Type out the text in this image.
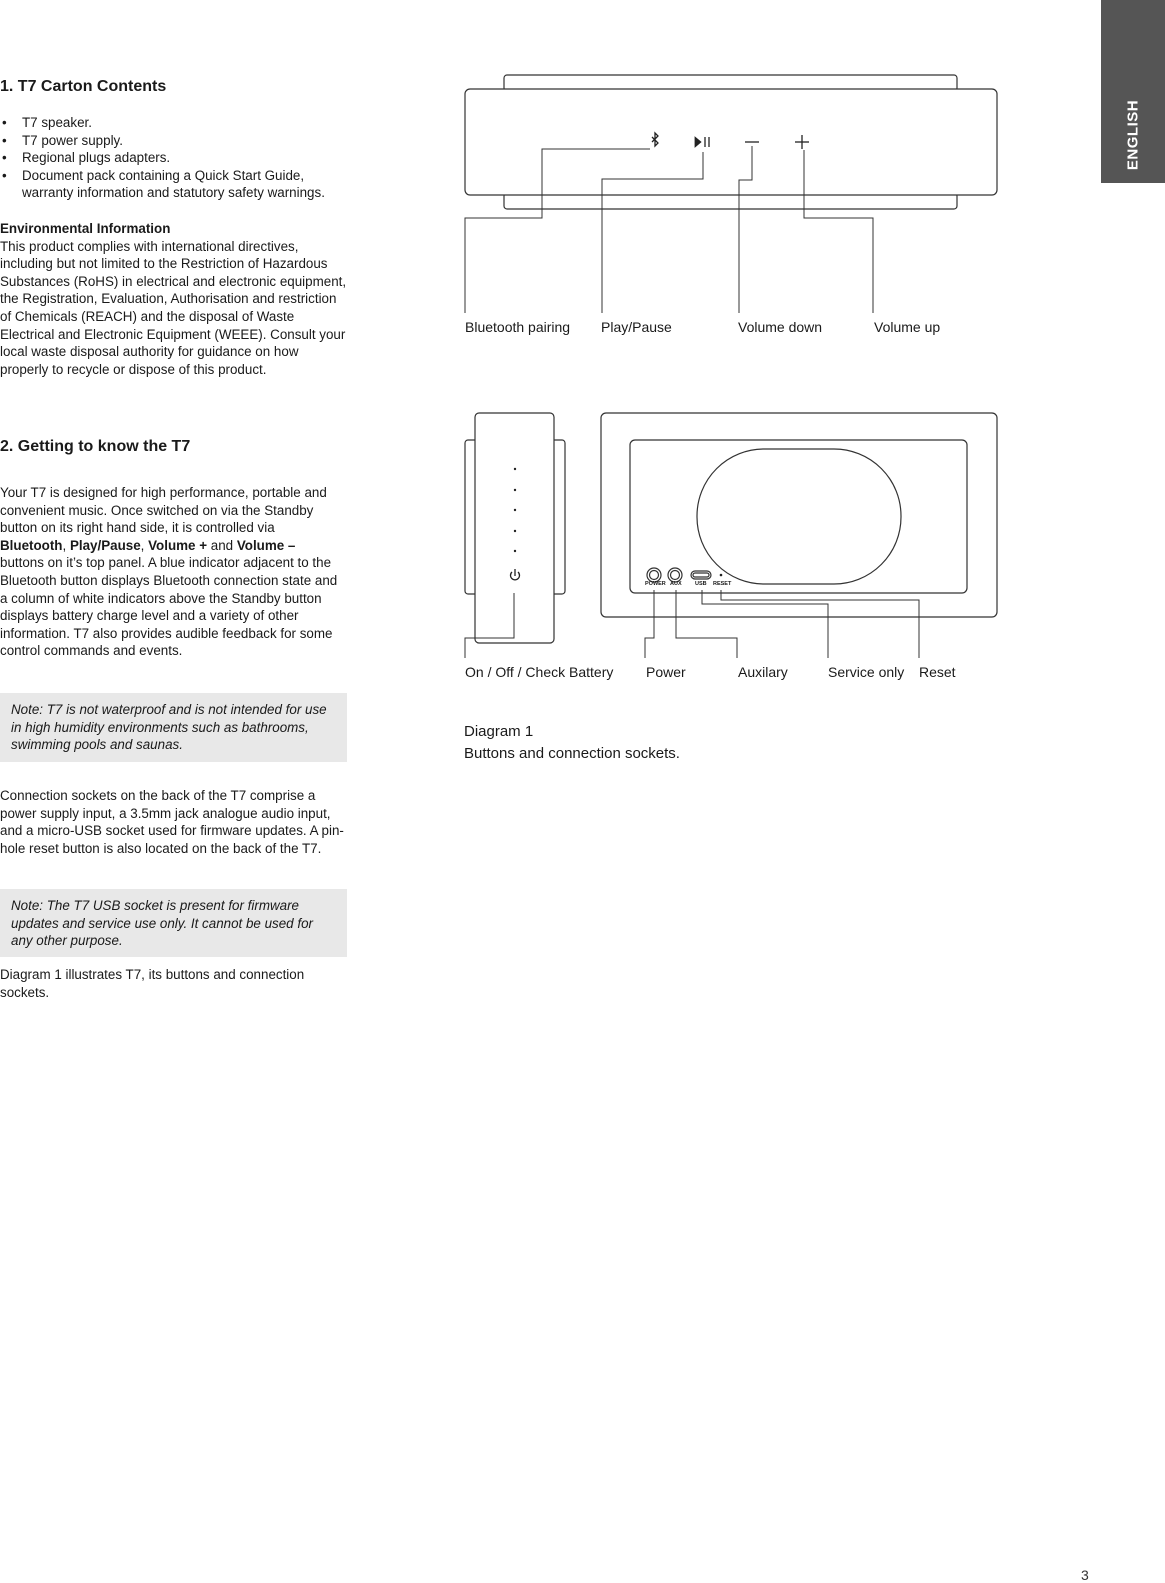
ENGLISH
1. T7 Carton Contents
• T7 speaker.
• T7 power supply.
• Regional plugs adapters.
• Document pack containing a Quick Start Guide, warranty information and statutory safety warnings.
Environmental Information
This product complies with international directives, including but not limited to the Restriction of Hazardous Substances (RoHS) in electrical and electronic equipment, the Registration, Evaluation, Authorisation and restriction of Chemicals (REACH) and the disposal of Waste Electrical and Electronic Equipment (WEEE). Consult your local waste disposal authority for guidance on how properly to recycle or dispose of this product.
2. Getting to know the T7
Your T7 is designed for high performance, portable and convenient music. Once switched on via the Standby button on its right hand side, it is controlled via Bluetooth, Play/Pause, Volume + and Volume – buttons on it’s top panel. A blue indicator adjacent to the Bluetooth button displays Bluetooth connection state and a column of white indicators above the Standby button displays battery charge level and a variety of other information. T7 also provides audible feedback for some control commands and events.
Note: T7 is not waterproof and is not intended for use in high humidity environments such as bathrooms, swimming pools and saunas.
Connection sockets on the back of the T7 comprise a power supply input, a 3.5mm jack analogue audio input, and a micro-USB socket used for firmware updates. A pin-hole reset button is also located on the back of the T7.
Note: The T7 USB socket is present for firmware updates and service use only. It cannot be used for any other purpose.
Diagram 1 illustrates T7, its buttons and connection sockets.
POWER AUX USB RESET
Bluetooth pairing Play/Pause	Volume down	Volume up
On / Off / Check Battery Power	Auxilary	Service only Reset
Diagram 1
Buttons and connection sockets.
3
